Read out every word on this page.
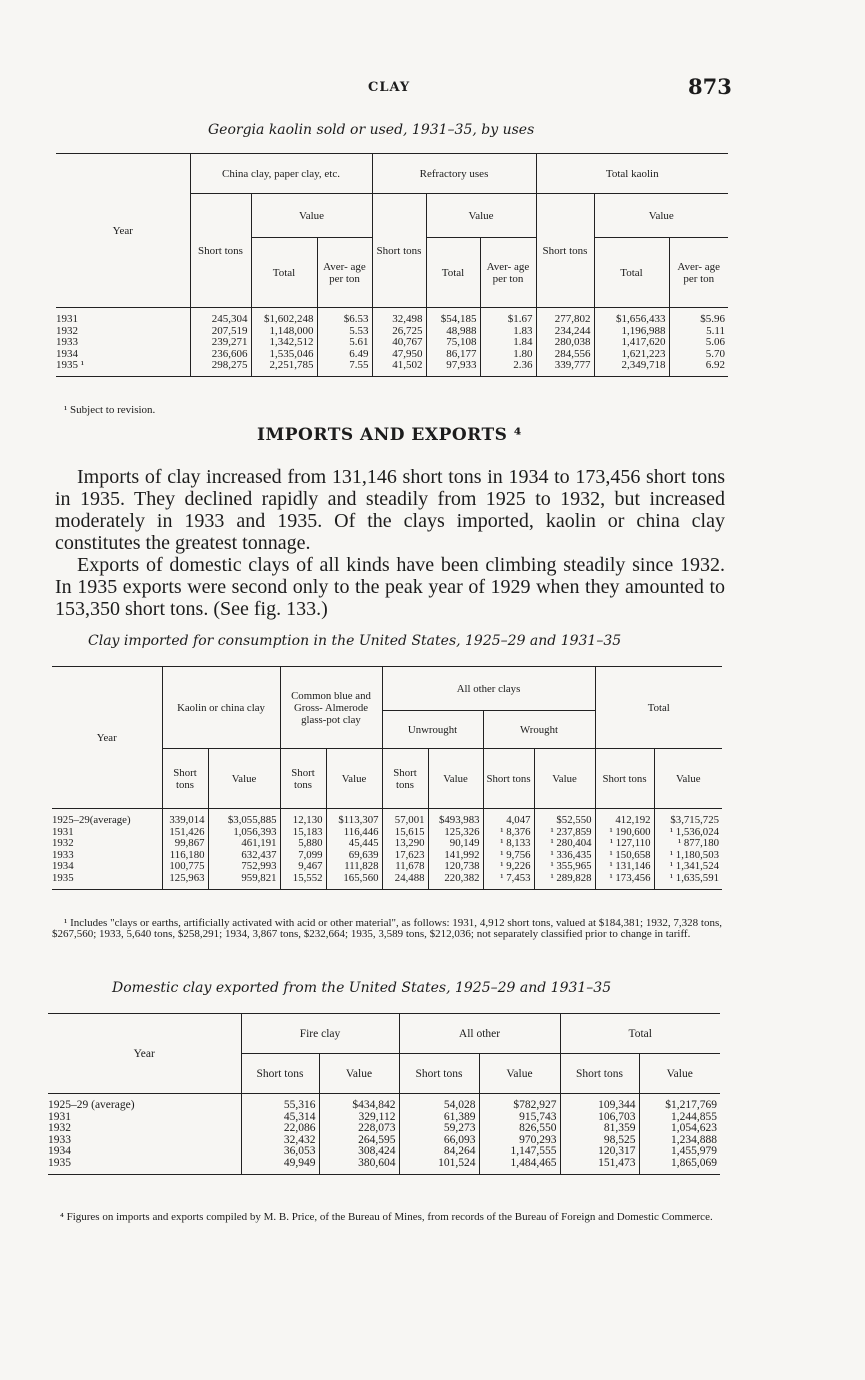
CLAY	873
Georgia kaolin sold or used, 1931–35, by uses
Year	China clay, paper clay, etc.			Refractory uses			Total kaolin		
	Short tons	Value		Short tons	Value		Short tons	Value	
		Total	Aver- age per ton		Total	Aver- age per ton		Total	Aver- age per ton
1931	245,304	$1,602,248	$6.53	32,498	$54,185	$1.67	277,802	$1,656,433	$5.96
1932	207,519	1,148,000	5.53	26,725	48,988	1.83	234,244	1,196,988	5.11
1933	239,271	1,342,512	5.61	40,767	75,108	1.84	280,038	1,417,620	5.06
1934	236,606	1,535,046	6.49	47,950	86,177	1.80	284,556	1,621,223	5.70
1935 ¹	298,275	2,251,785	7.55	41,502	97,933	2.36	339,777	2,349,718	6.92
¹ Subject to revision.
IMPORTS AND EXPORTS ⁴

Imports of clay increased from 131,146 short tons in 1934 to 173,456 short tons in 1935. They declined rapidly and steadily from 1925 to 1932, but increased moderately in 1933 and 1935. Of the clays imported, kaolin or china clay constitutes the greatest tonnage.

Exports of domestic clays of all kinds have been climbing steadily since 1932. In 1935 exports were second only to the peak year of 1929 when they amounted to 153,350 short tons. (See fig. 133.)

Clay imported for consumption in the United States, 1925–29 and 1931–35
Year	Kaolin or china clay		Common blue and Gross- Almerode glass-pot clay		All other clays				Total	
					Unwrought		Wrought			
	Short tons	Value	Short tons	Value	Short tons	Value	Short tons	Value	Short tons	Value
1925–29(average)	339,014	$3,055,885	12,130	$113,307	57,001	$493,983	4,047	$52,550	412,192	$3,715,725
1931	151,426	1,056,393	15,183	116,446	15,615	125,326	¹ 8,376	¹ 237,859	¹ 190,600	¹ 1,536,024
1932	99,867	461,191	5,880	45,445	13,290	90,149	¹ 8,133	¹ 280,404	¹ 127,110	¹ 877,180
1933	116,180	632,437	7,099	69,639	17,623	141,992	¹ 9,756	¹ 336,435	¹ 150,658	¹ 1,180,503
1934	100,775	752,993	9,467	111,828	11,678	120,738	¹ 9,226	¹ 355,965	¹ 131,146	¹ 1,341,524
1935	125,963	959,821	15,552	165,560	24,488	220,382	¹ 7,453	¹ 289,828	¹ 173,456	¹ 1,635,591
¹ Includes "clays or earths, artificially activated with acid or other material", as follows: 1931, 4,912 short tons, valued at $184,381; 1932, 7,328 tons, $267,560; 1933, 5,640 tons, $258,291; 1934, 3,867 tons, $232,664; 1935, 3,589 tons, $212,036; not separately classified prior to change in tariff.
Domestic clay exported from the United States, 1925–29 and 1931–35
Year	Fire clay		All other		Total	
	Short tons	Value	Short tons	Value	Short tons	Value
1925–29 (average)	55,316	$434,842	54,028	$782,927	109,344	$1,217,769
1931	45,314	329,112	61,389	915,743	106,703	1,244,855
1932	22,086	228,073	59,273	826,550	81,359	1,054,623
1933	32,432	264,595	66,093	970,293	98,525	1,234,888
1934	36,053	308,424	84,264	1,147,555	120,317	1,455,979
1935	49,949	380,604	101,524	1,484,465	151,473	1,865,069
⁴ Figures on imports and exports compiled by M. B. Price, of the Bureau of Mines, from records of the Bureau of Foreign and Domestic Commerce.
